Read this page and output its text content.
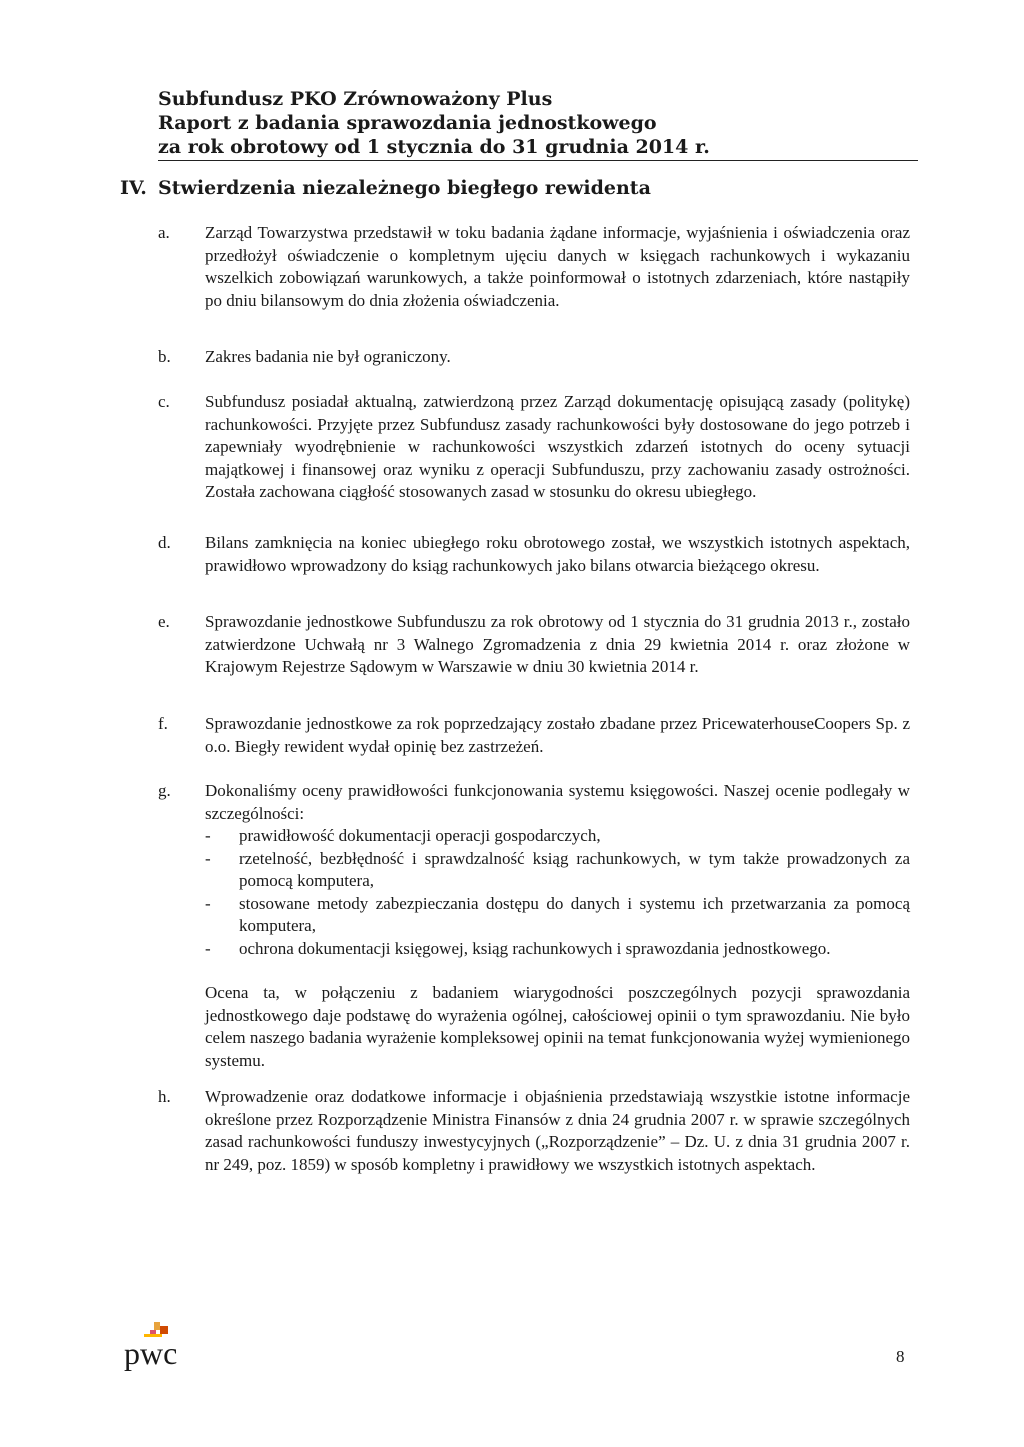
Subfundusz PKO Zrównoważony Plus
Raport z badania sprawozdania jednostkowego
za rok obrotowy od 1 stycznia do 31 grudnia 2014 r.
IV. Stwierdzenia niezależnego biegłego rewidenta
a. Zarząd Towarzystwa przedstawił w toku badania żądane informacje, wyjaśnienia i oświadczenia oraz przedłożył oświadczenie o kompletnym ujęciu danych w księgach rachunkowych i wykazaniu wszelkich zobowiązań warunkowych, a także poinformował o istotnych zdarzeniach, które nastąpiły po dniu bilansowym do dnia złożenia oświadczenia.
b. Zakres badania nie był ograniczony.
c. Subfundusz posiadał aktualną, zatwierdzoną przez Zarząd dokumentację opisującą zasady (politykę) rachunkowości. Przyjęte przez Subfundusz zasady rachunkowości były dostosowane do jego potrzeb i zapewniały wyodrębnienie w rachunkowości wszystkich zdarzeń istotnych do oceny sytuacji majątkowej i finansowej oraz wyniku z operacji Subfunduszu, przy zachowaniu zasady ostrożności. Została zachowana ciągłość stosowanych zasad w stosunku do okresu ubiegłego.
d. Bilans zamknięcia na koniec ubiegłego roku obrotowego został, we wszystkich istotnych aspektach, prawidłowo wprowadzony do ksiąg rachunkowych jako bilans otwarcia bieżącego okresu.
e. Sprawozdanie jednostkowe Subfunduszu za rok obrotowy od 1 stycznia do 31 grudnia 2013 r., zostało zatwierdzone Uchwałą nr 3 Walnego Zgromadzenia z dnia 29 kwietnia 2014 r. oraz złożone w Krajowym Rejestrze Sądowym w Warszawie w dniu 30 kwietnia 2014 r.
f. Sprawozdanie jednostkowe za rok poprzedzający zostało zbadane przez PricewaterhouseCoopers Sp. z o.o. Biegły rewident wydał opinię bez zastrzeżeń.
g. Dokonaliśmy oceny prawidłowości funkcjonowania systemu księgowości. Naszej ocenie podlegały w szczególności:
- prawidłowość dokumentacji operacji gospodarczych,
- rzetelność, bezbłędność i sprawdzalność ksiąg rachunkowych, w tym także prowadzonych za pomocą komputera,
- stosowane metody zabezpieczania dostępu do danych i systemu ich przetwarzania za pomocą komputera,
- ochrona dokumentacji księgowej, ksiąg rachunkowych i sprawozdania jednostkowego.
Ocena ta, w połączeniu z badaniem wiarygodności poszczególnych pozycji sprawozdania jednostkowego daje podstawę do wyrażenia ogólnej, całościowej opinii o tym sprawozdaniu. Nie było celem naszego badania wyrażenie kompleksowej opinii na temat funkcjonowania wyżej wymienionego systemu.
h. Wprowadzenie oraz dodatkowe informacje i objaśnienia przedstawiają wszystkie istotne informacje określone przez Rozporządzenie Ministra Finansów z dnia 24 grudnia 2007 r. w sprawie szczególnych zasad rachunkowości funduszy inwestycyjnych („Rozporządzenie” – Dz. U. z dnia 31 grudnia 2007 r. nr 249, poz. 1859) w sposób kompletny i prawidłowy we wszystkich istotnych aspektach.
pwc	8
